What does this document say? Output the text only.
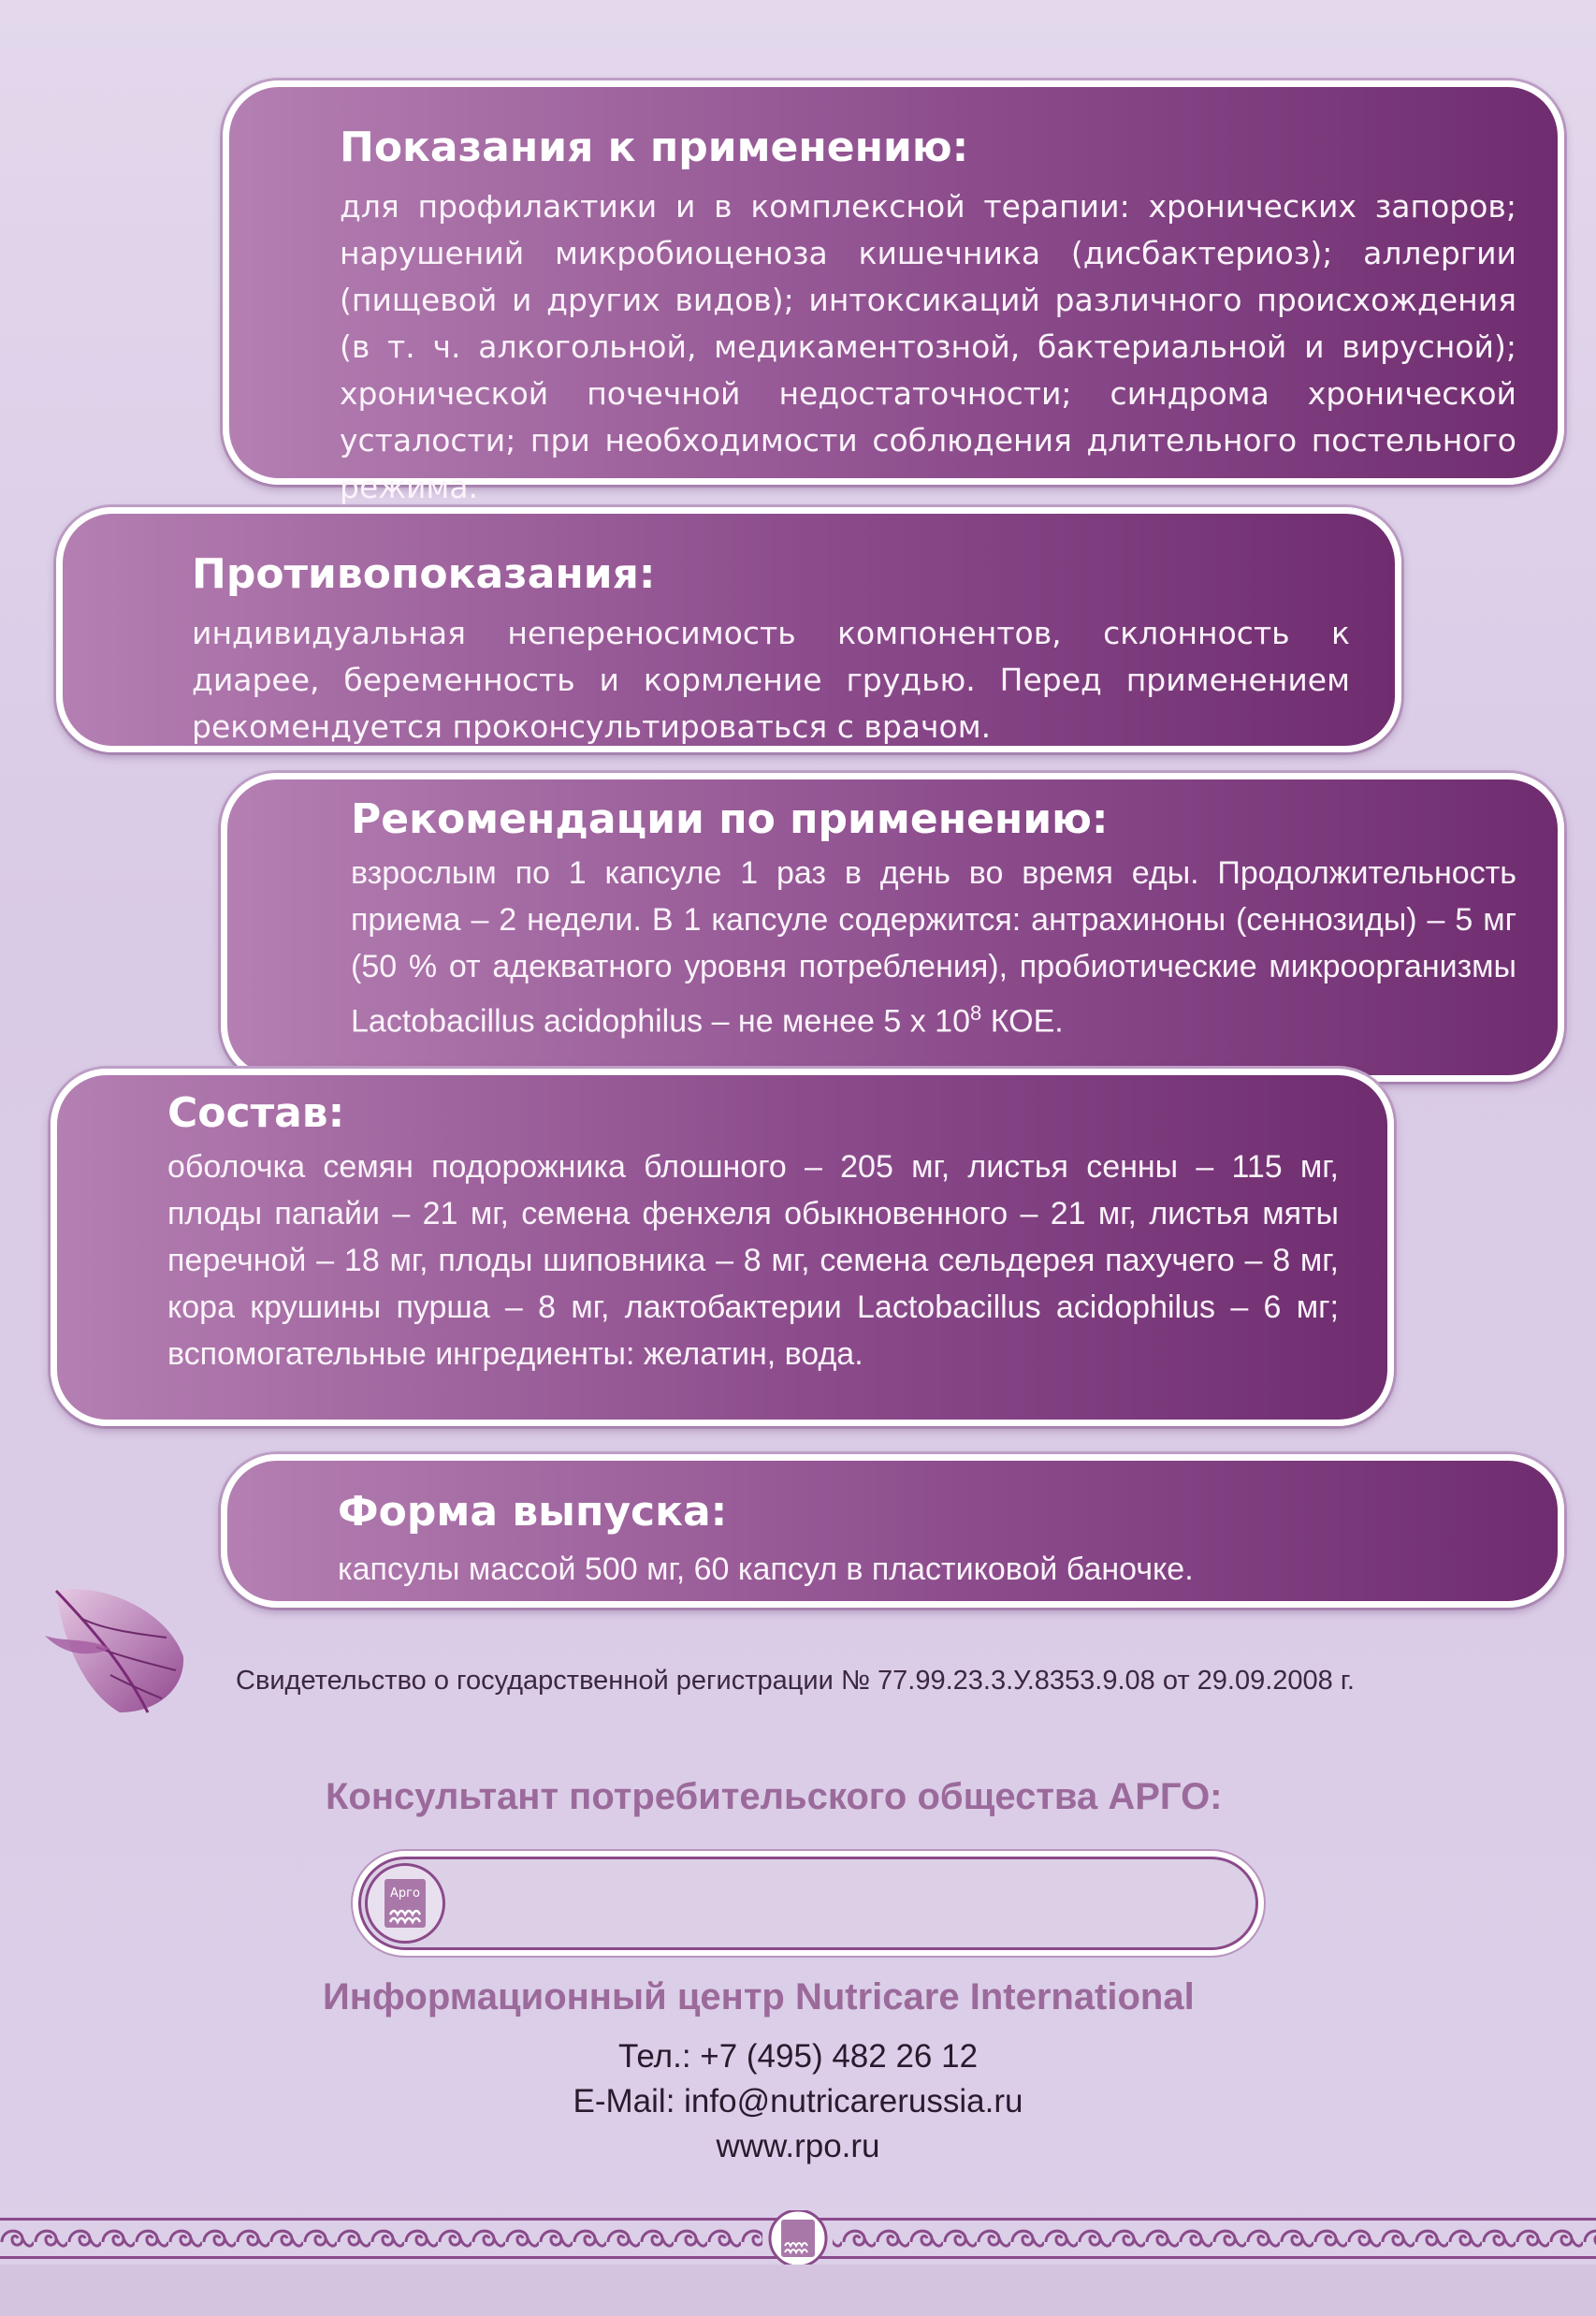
Показания к применению:

для профилактики и в комплексной терапии: хронических запоров; нарушений микробиоценоза кишечника (дисбактериоз); аллергии (пищевой и других видов); интоксикаций различного происхождения (в т. ч. алкогольной, медикаментозной, бактериальной и вирусной); хронической почечной недостаточности; синдрома хронической усталости; при необходимости соблюдения длительного постельного режима.

Противопоказания:

индивидуальная непереносимость компонентов, склонность к диарее, беременность и кормление грудью. Перед применением рекомендуется проконсультироваться с врачом.

Рекомендации по применению:

взрослым по 1 капсуле 1 раз в день во время еды. Продолжительность приема – 2 недели. В 1 капсуле содержится: антрахиноны (сеннозиды) – 5 мг (50 % от адекватного уровня потребления), пробиотические микроорганизмы Lactobacillus acidophilus – не менее 5 x $10^8$ КОЕ.

Состав:

оболочка семян подорожника блошного – 205 мг, листья сенны – 115 мг, плоды папайи – 21 мг, семена фенхеля обыкновенного – 21 мг, листья мяты перечной – 18 мг, плоды шиповника – 8 мг, семена сельдерея пахучего – 8 мг, кора крушины пурша – 8 мг, лактобактерии Lactobacillus acidophilus – 6 мг; вспомогательные ингредиенты: желатин, вода.

Форма выпуска:

капсулы массой 500 мг, 60 капсул в пластиковой баночке.

Свидетельство о государственной регистрации № 77.99.23.3.У.8353.9.08 от 29.09.2008 г.
Консультант потребительского общества АРГО:
Apгo
Информационный центр Nutricare International
Тел.: +7 (495) 482 26 12
E-Mail: info@nutricarerussia.ru
www.rpo.ru
